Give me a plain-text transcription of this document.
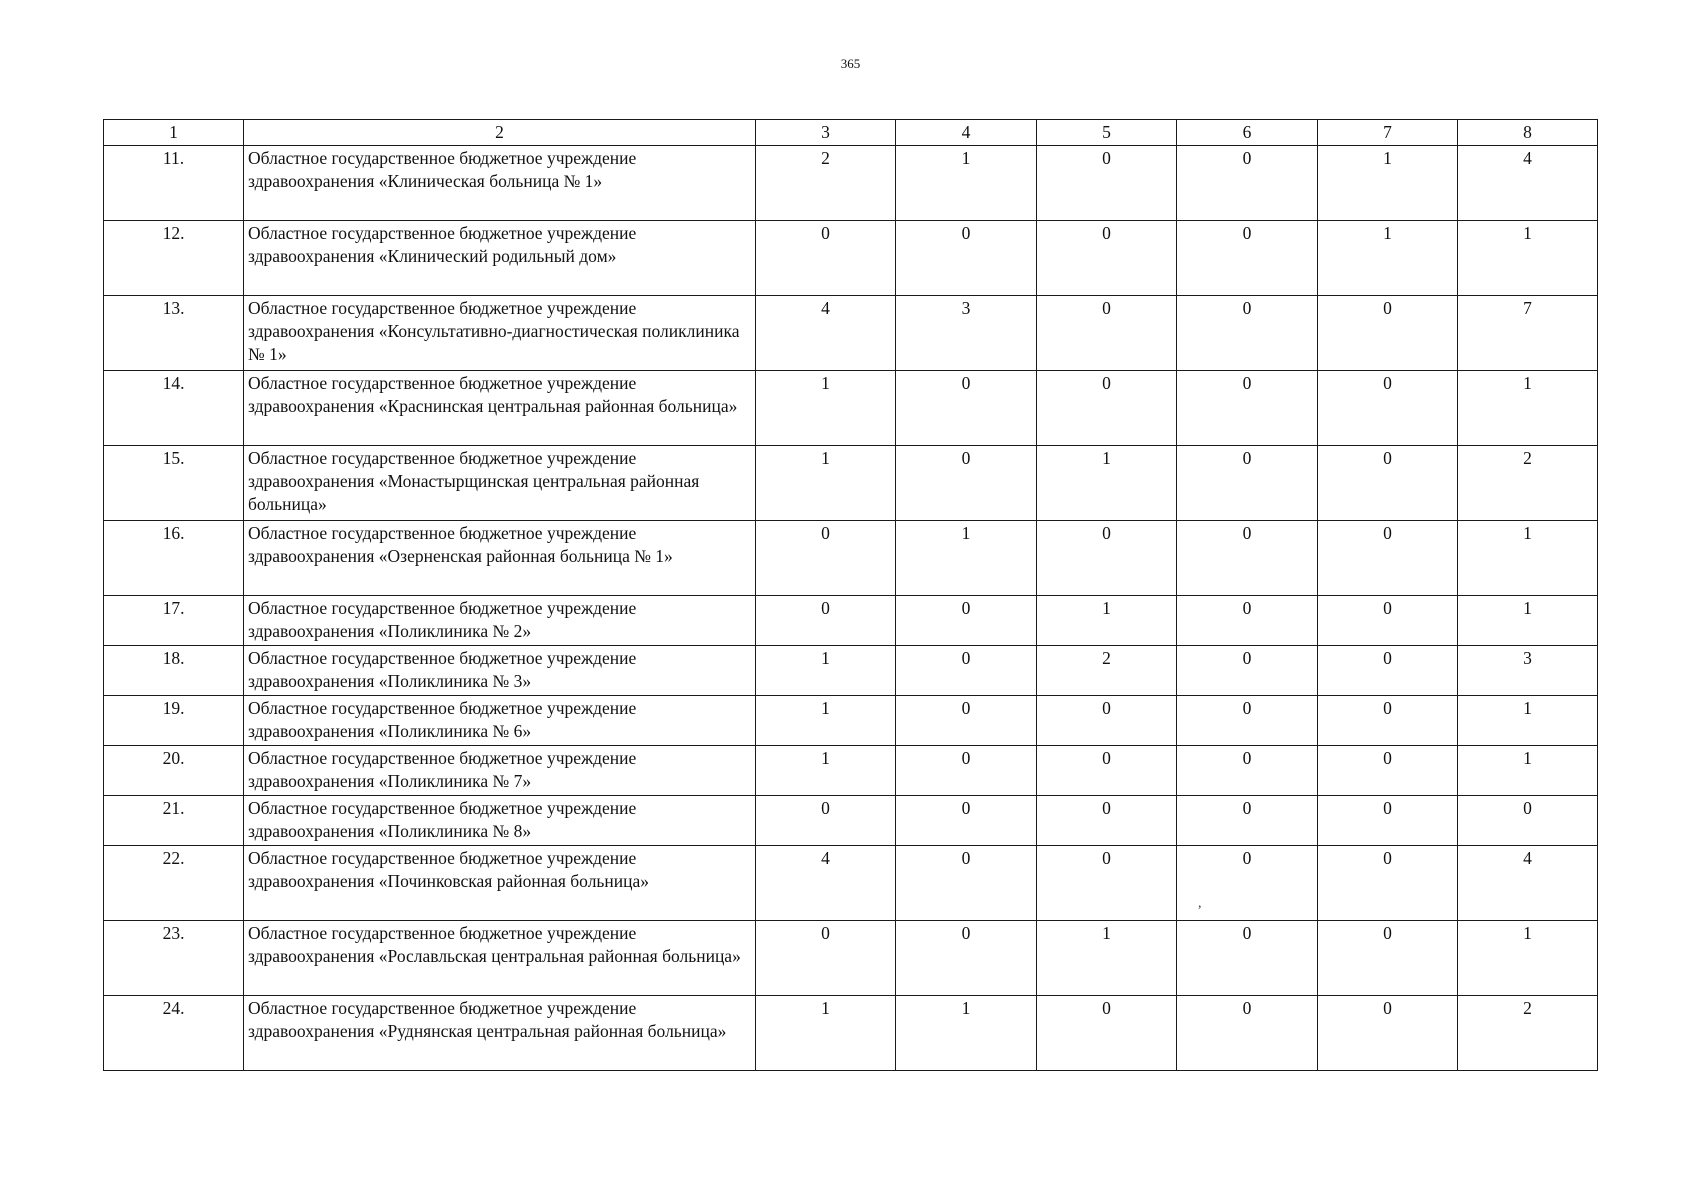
365
1	2	3	4	5	6	7	8
11.	Областное государственное бюджетное учреждение здравоохранения «Клиническая больница № 1»	2	1	0	0	1	4
12.	Областное государственное бюджетное учреждение здравоохранения «Клинический родильный дом»	0	0	0	0	1	1
13.	Областное государственное бюджетное учреждение здравоохранения «Консультативно-диагностическая поликлиника № 1»	4	3	0	0	0	7
14.	Областное государственное бюджетное учреждение здравоохранения «Краснинская центральная районная больница»	1	0	0	0	0	1
15.	Областное государственное бюджетное учреждение здравоохранения «Монастырщинская центральная районная больница»	1	0	1	0	0	2
16.	Областное государственное бюджетное учреждение здравоохранения «Озерненская районная больница № 1»	0	1	0	0	0	1
17.	Областное государственное бюджетное учреждение здравоохранения «Поликлиника № 2»	0	0	1	0	0	1
18.	Областное государственное бюджетное учреждение здравоохранения «Поликлиника № 3»	1	0	2	0	0	3
19.	Областное государственное бюджетное учреждение здравоохранения «Поликлиника № 6»	1	0	0	0	0	1
20.	Областное государственное бюджетное учреждение здравоохранения «Поликлиника № 7»	1	0	0	0	0	1
21.	Областное государственное бюджетное учреждение здравоохранения «Поликлиника № 8»	0	0	0	0	0	0
22.	Областное государственное бюджетное учреждение здравоохранения «Починковская районная больница»	4	0	0	0	0	4
23.	Областное государственное бюджетное учреждение здравоохранения «Рославльская центральная районная больница»	0	0	1	0	0	1
24.	Областное государственное бюджетное учреждение здравоохранения «Руднянская центральная районная больница»	1	1	0	0	0	2
,
